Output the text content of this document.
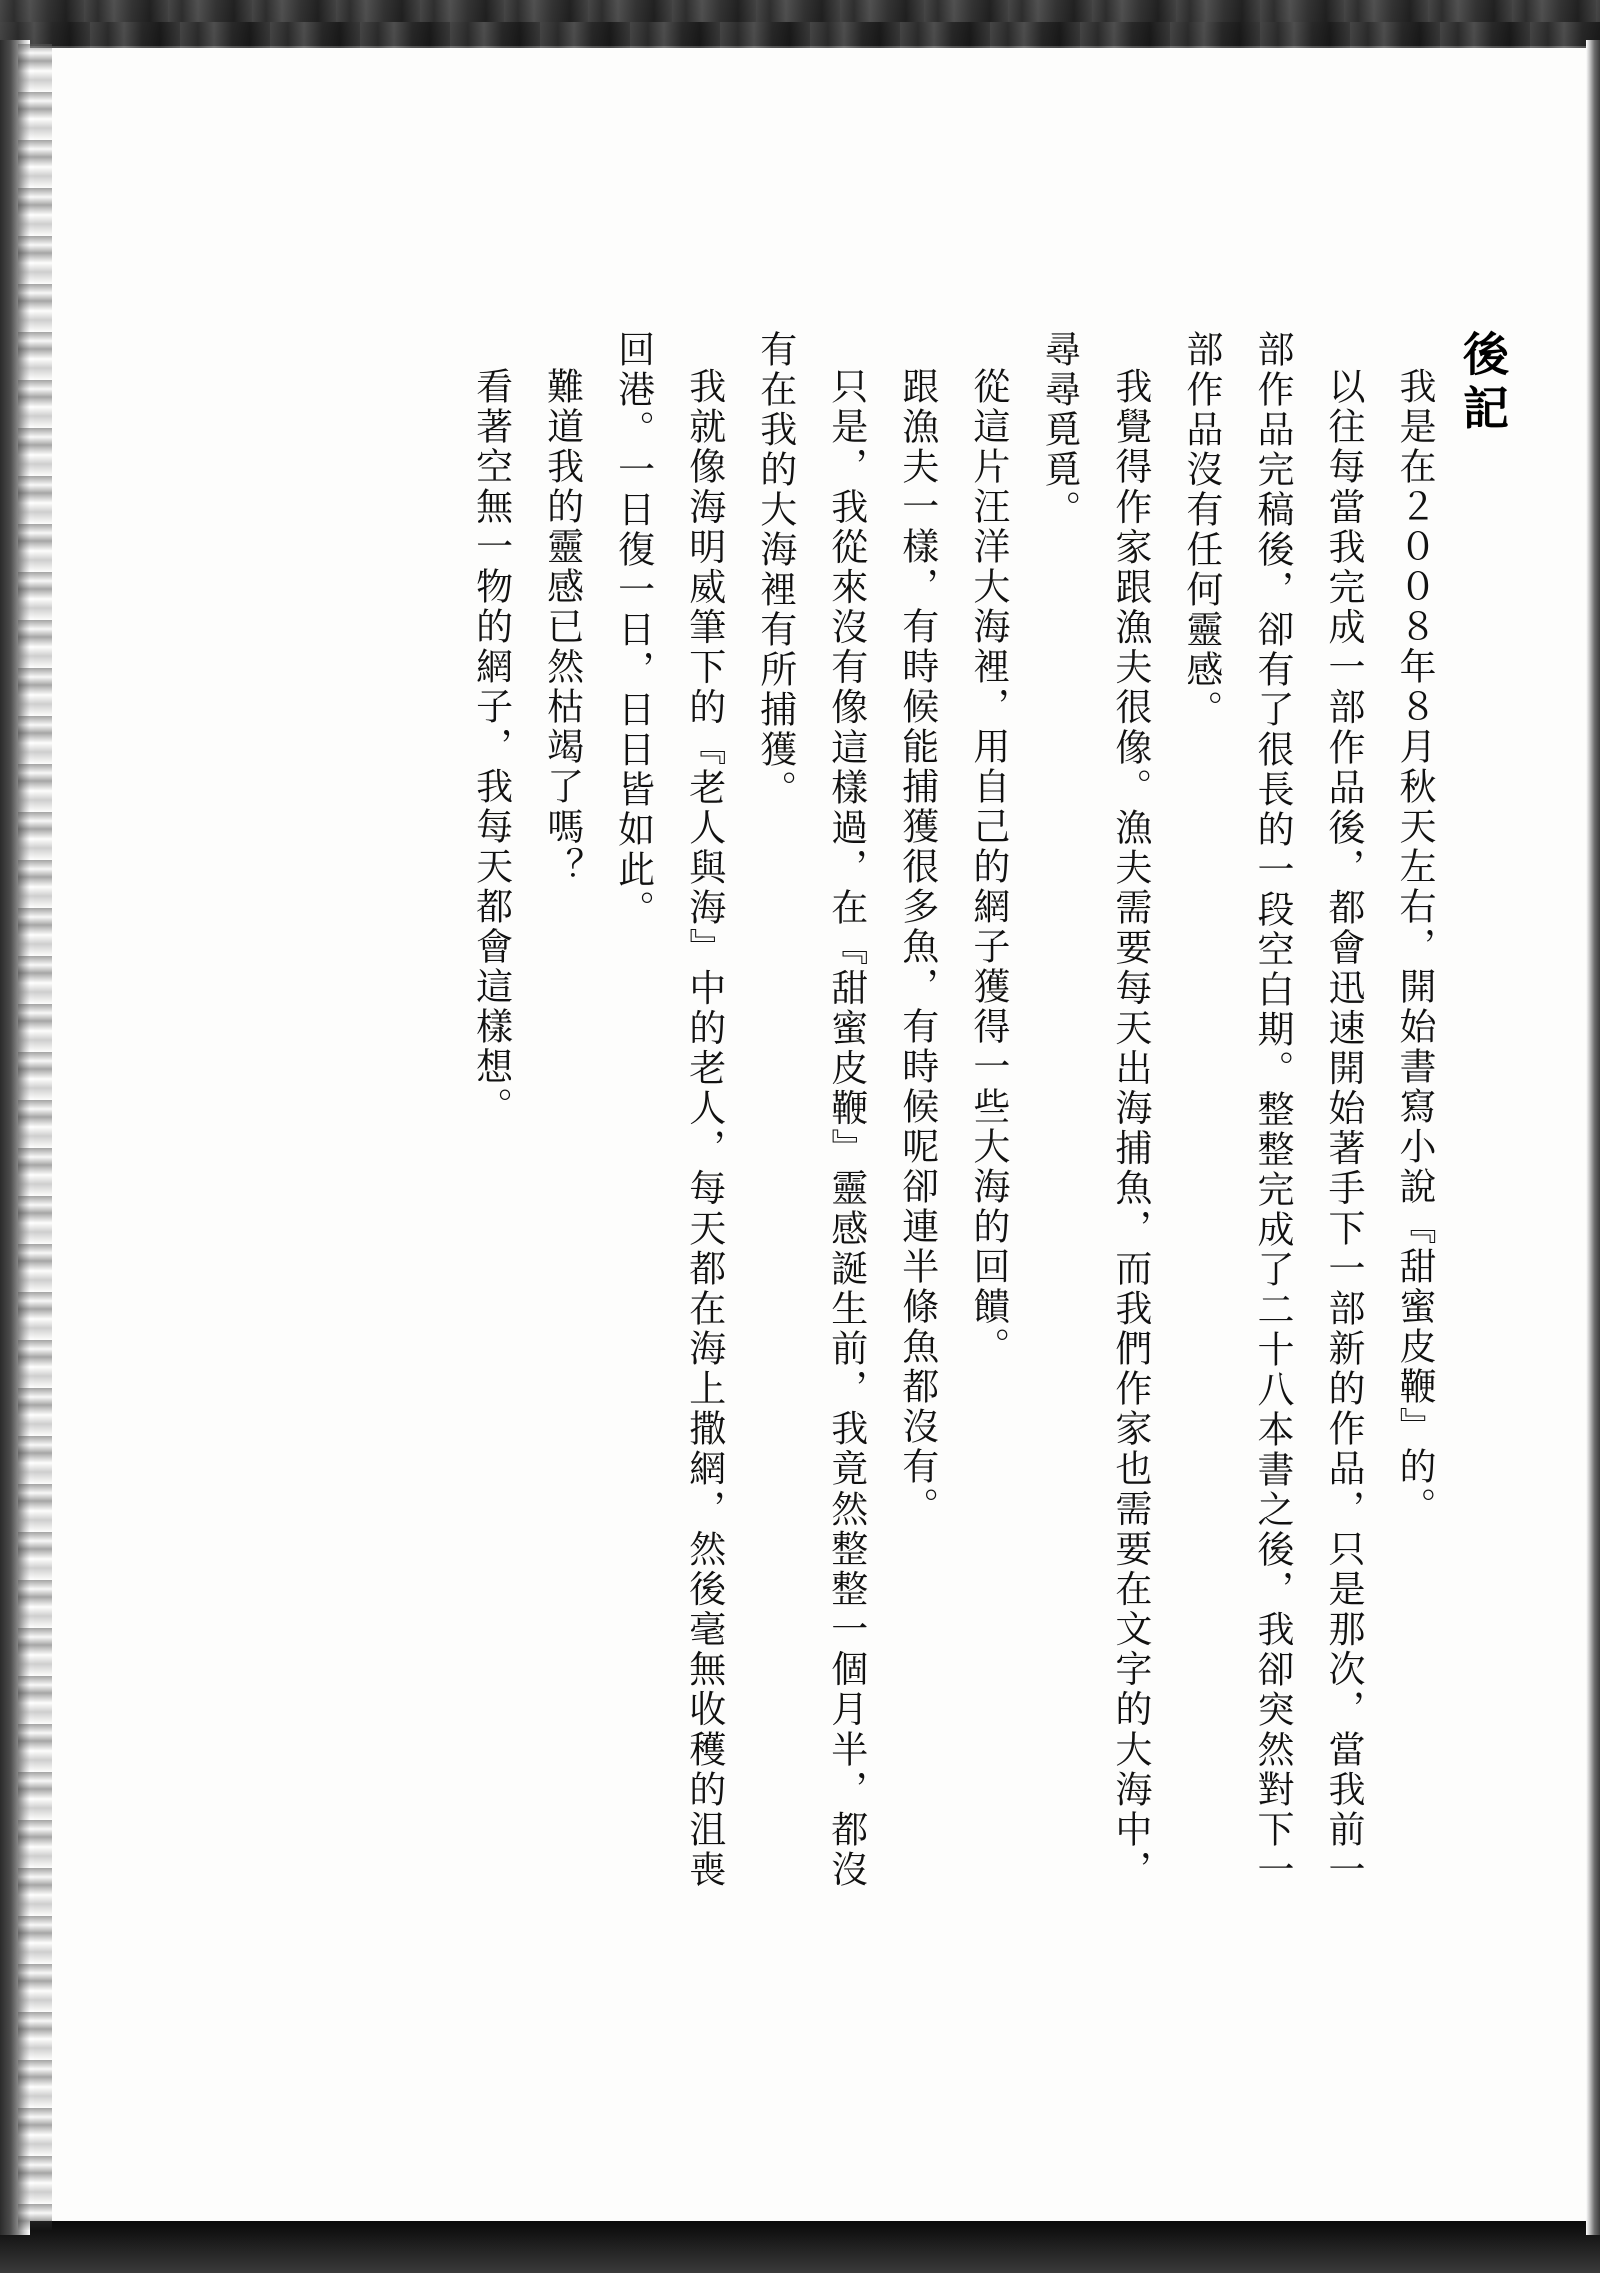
後記

我是在２００８年８月秋天左右，開始書寫小說『甜蜜皮鞭』的。

以往每當我完成一部作品後，都會迅速開始著手下一部新的作品，只是那次，當我前一部作品完稿後，卻有了很長的一段空白期。整整完成了二十八本書之後，我卻突然對下一部作品沒有任何靈感。

我覺得作家跟漁夫很像。漁夫需要每天出海捕魚，而我們作家也需要在文字的大海中，尋尋覓覓。

從這片汪洋大海裡，用自己的網子獲得一些大海的回饋。

跟漁夫一樣，有時候能捕獲很多魚，有時候呢卻連半條魚都沒有。

只是，我從來沒有像這樣過，在『甜蜜皮鞭』靈感誕生前，我竟然整整一個月半，都沒有在我的大海裡有所捕獲。

我就像海明威筆下的『老人與海』中的老人，每天都在海上撒網，然後毫無收穫的沮喪回港。一日復一日，日日皆如此。

難道我的靈感已然枯竭了嗎？

看著空無一物的網子，我每天都會這樣想。
